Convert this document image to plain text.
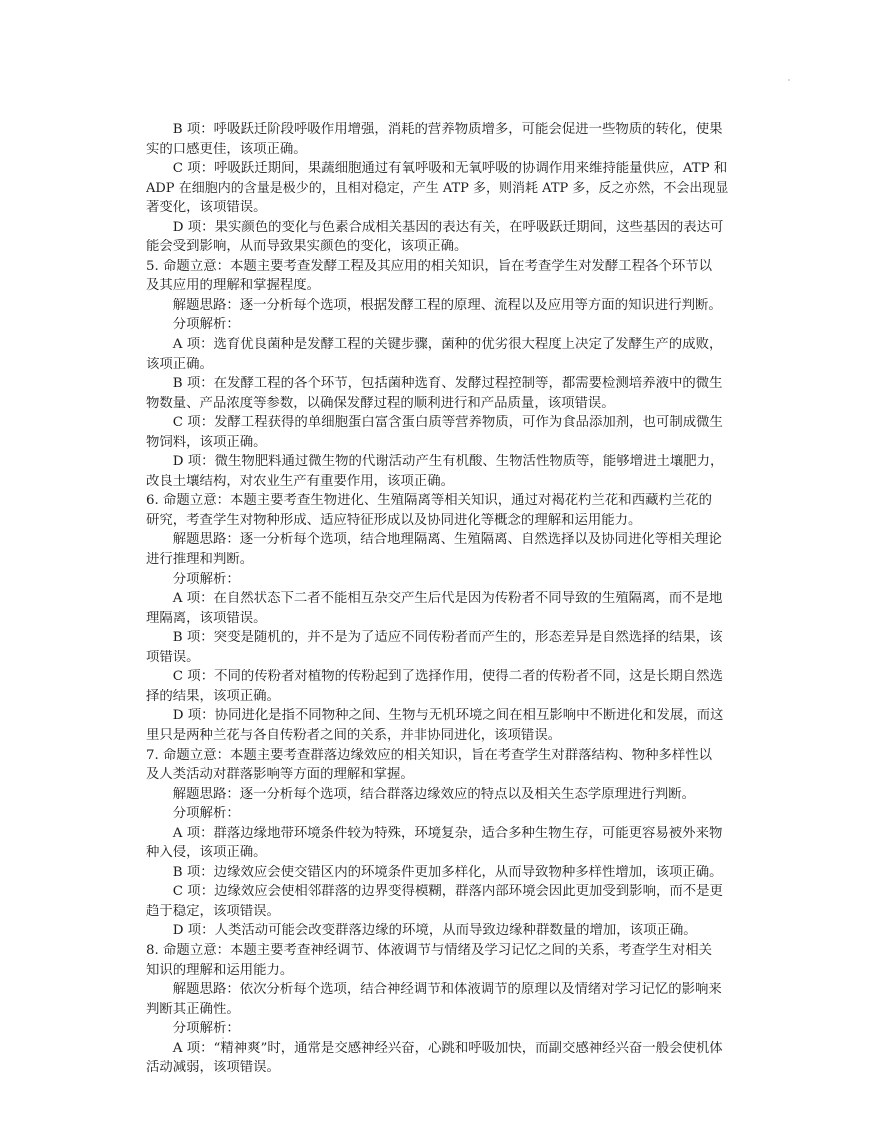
B 项：呼吸跃迁阶段呼吸作用增强，消耗的营养物质增多，可能会促进一些物质的转化，使果

实的口感更佳，该项正确。

C 项：呼吸跃迁期间，果蔬细胞通过有氧呼吸和无氧呼吸的协调作用来维持能量供应，ATP 和

ADP 在细胞内的含量是极少的，且相对稳定，产生 ATP 多，则消耗 ATP 多，反之亦然，不会出现显

著变化，该项错误。

D 项：果实颜色的变化与色素合成相关基因的表达有关，在呼吸跃迁期间，这些基因的表达可

能会受到影响，从而导致果实颜色的变化，该项正确。

5. 命题立意：本题主要考查发酵工程及其应用的相关知识，旨在考查学生对发酵工程各个环节以

及其应用的理解和掌握程度。

解题思路：逐一分析每个选项，根据发酵工程的原理、流程以及应用等方面的知识进行判断。

分项解析：

A 项：选育优良菌种是发酵工程的关键步骤，菌种的优劣很大程度上决定了发酵生产的成败，

该项正确。

B 项：在发酵工程的各个环节，包括菌种选育、发酵过程控制等，都需要检测培养液中的微生

物数量、产品浓度等参数，以确保发酵过程的顺利进行和产品质量，该项错误。

C 项：发酵工程获得的单细胞蛋白富含蛋白质等营养物质，可作为食品添加剂，也可制成微生

物饲料，该项正确。

D 项：微生物肥料通过微生物的代谢活动产生有机酸、生物活性物质等，能够增进土壤肥力，

改良土壤结构，对农业生产有重要作用，该项正确。

6. 命题立意：本题主要考查生物进化、生殖隔离等相关知识，通过对褐花杓兰花和西藏杓兰花的

研究，考查学生对物种形成、适应特征形成以及协同进化等概念的理解和运用能力。

解题思路：逐一分析每个选项，结合地理隔离、生殖隔离、自然选择以及协同进化等相关理论

进行推理和判断。

分项解析：

A 项：在自然状态下二者不能相互杂交产生后代是因为传粉者不同导致的生殖隔离，而不是地

理隔离，该项错误。

B 项：突变是随机的，并不是为了适应不同传粉者而产生的，形态差异是自然选择的结果，该

项错误。

C 项：不同的传粉者对植物的传粉起到了选择作用，使得二者的传粉者不同，这是长期自然选

择的结果，该项正确。

D 项：协同进化是指不同物种之间、生物与无机环境之间在相互影响中不断进化和发展，而这

里只是两种兰花与各自传粉者之间的关系，并非协同进化，该项错误。

7. 命题立意：本题主要考查群落边缘效应的相关知识，旨在考查学生对群落结构、物种多样性以

及人类活动对群落影响等方面的理解和掌握。

解题思路：逐一分析每个选项，结合群落边缘效应的特点以及相关生态学原理进行判断。

分项解析：

A 项：群落边缘地带环境条件较为特殊，环境复杂，适合多种生物生存，可能更容易被外来物

种入侵，该项正确。

B 项：边缘效应会使交错区内的环境条件更加多样化，从而导致物种多样性增加，该项正确。

C 项：边缘效应会使相邻群落的边界变得模糊，群落内部环境会因此更加受到影响，而不是更

趋于稳定，该项错误。

D 项：人类活动可能会改变群落边缘的环境，从而导致边缘种群数量的增加，该项正确。

8. 命题立意：本题主要考查神经调节、体液调节与情绪及学习记忆之间的关系，考查学生对相关

知识的理解和运用能力。

解题思路：依次分析每个选项，结合神经调节和体液调节的原理以及情绪对学习记忆的影响来

判断其正确性。

分项解析：

A 项：“精神爽”时，通常是交感神经兴奋，心跳和呼吸加快，而副交感神经兴奋一般会使机体

活动减弱，该项错误。
